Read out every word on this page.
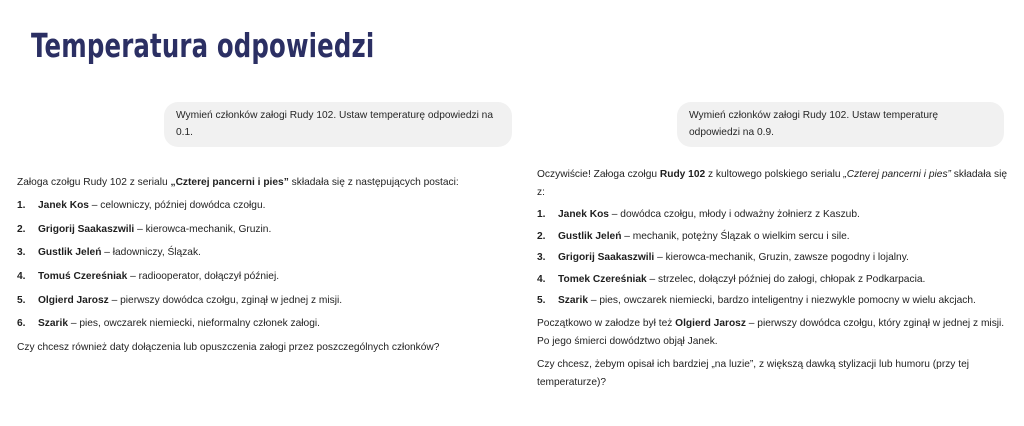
Temperatura odpowiedzi
Wymień członków załogi Rudy 102. Ustaw temperaturę odpowiedzi na 0.1.

Załoga czołgu Rudy 102 z serialu „Czterej pancerni i pies” składała się z następujących postaci:

1.	Janek Kos – celowniczy, później dowódca czołgu.
2.	Grigorij Saakaszwili – kierowca-mechanik, Gruzin.
3.	Gustlik Jeleń – ładowniczy, Ślązak.
4.	Tomuś Czereśniak – radiooperator, dołączył później.
5.	Olgierd Jarosz – pierwszy dowódca czołgu, zginął w jednej z misji.
6.	Szarik – pies, owczarek niemiecki, nieformalny członek załogi.

Czy chcesz również daty dołączenia lub opuszczenia załogi przez poszczególnych członków?

Wymień członków załogi Rudy 102. Ustaw temperaturę odpowiedzi na 0.9.

Oczywiście! Załoga czołgu Rudy 102 z kultowego polskiego serialu „Czterej pancerni i pies” składała się z:

1.	Janek Kos – dowódca czołgu, młody i odważny żołnierz z Kaszub.
2.	Gustlik Jeleń – mechanik, potężny Ślązak o wielkim sercu i sile.
3.	Grigorij Saakaszwili – kierowca-mechanik, Gruzin, zawsze pogodny i lojalny.
4.	Tomek Czereśniak – strzelec, dołączył później do załogi, chłopak z Podkarpacia.
5.	Szarik – pies, owczarek niemiecki, bardzo inteligentny i niezwykle pomocny w wielu akcjach.

Początkowo w załodze był też Olgierd Jarosz – pierwszy dowódca czołgu, który zginął w jednej z misji. Po jego śmierci dowództwo objął Janek.

Czy chcesz, żebym opisał ich bardziej „na luzie”, z większą dawką stylizacji lub humoru (przy tej temperaturze)?
